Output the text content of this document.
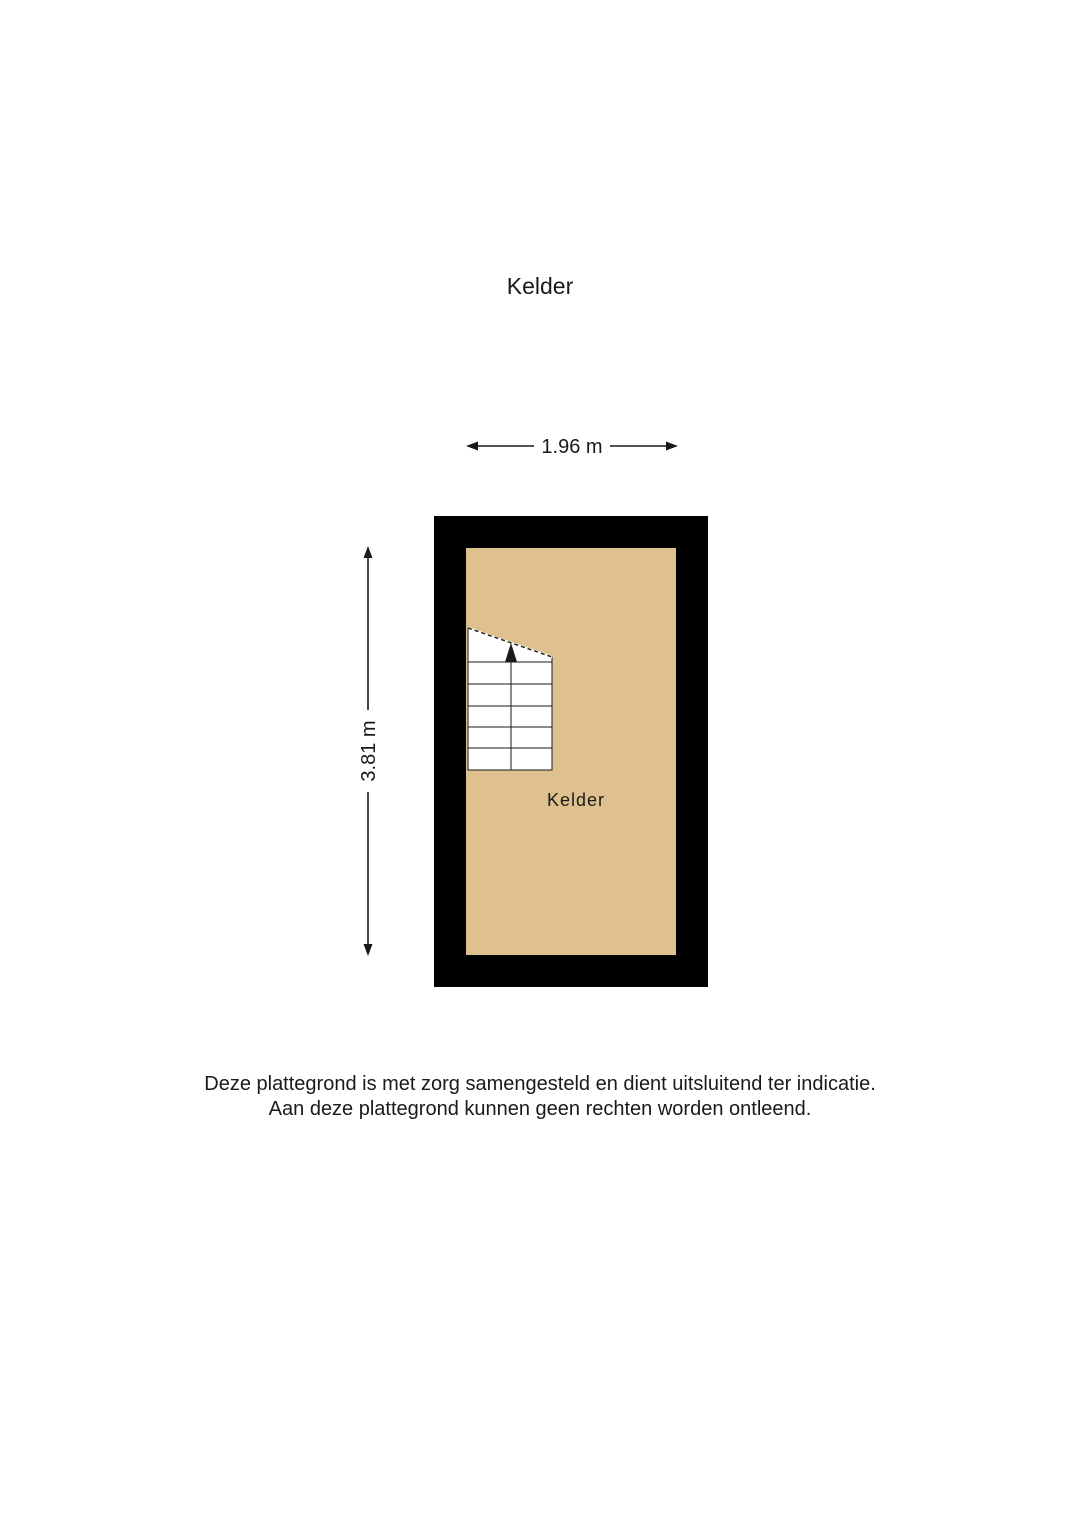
Kelder
1.96 m
3.81 m
Kelder
Deze plattegrond is met zorg samengesteld en dient uitsluitend ter indicatie.
Aan deze plattegrond kunnen geen rechten worden ontleend.
